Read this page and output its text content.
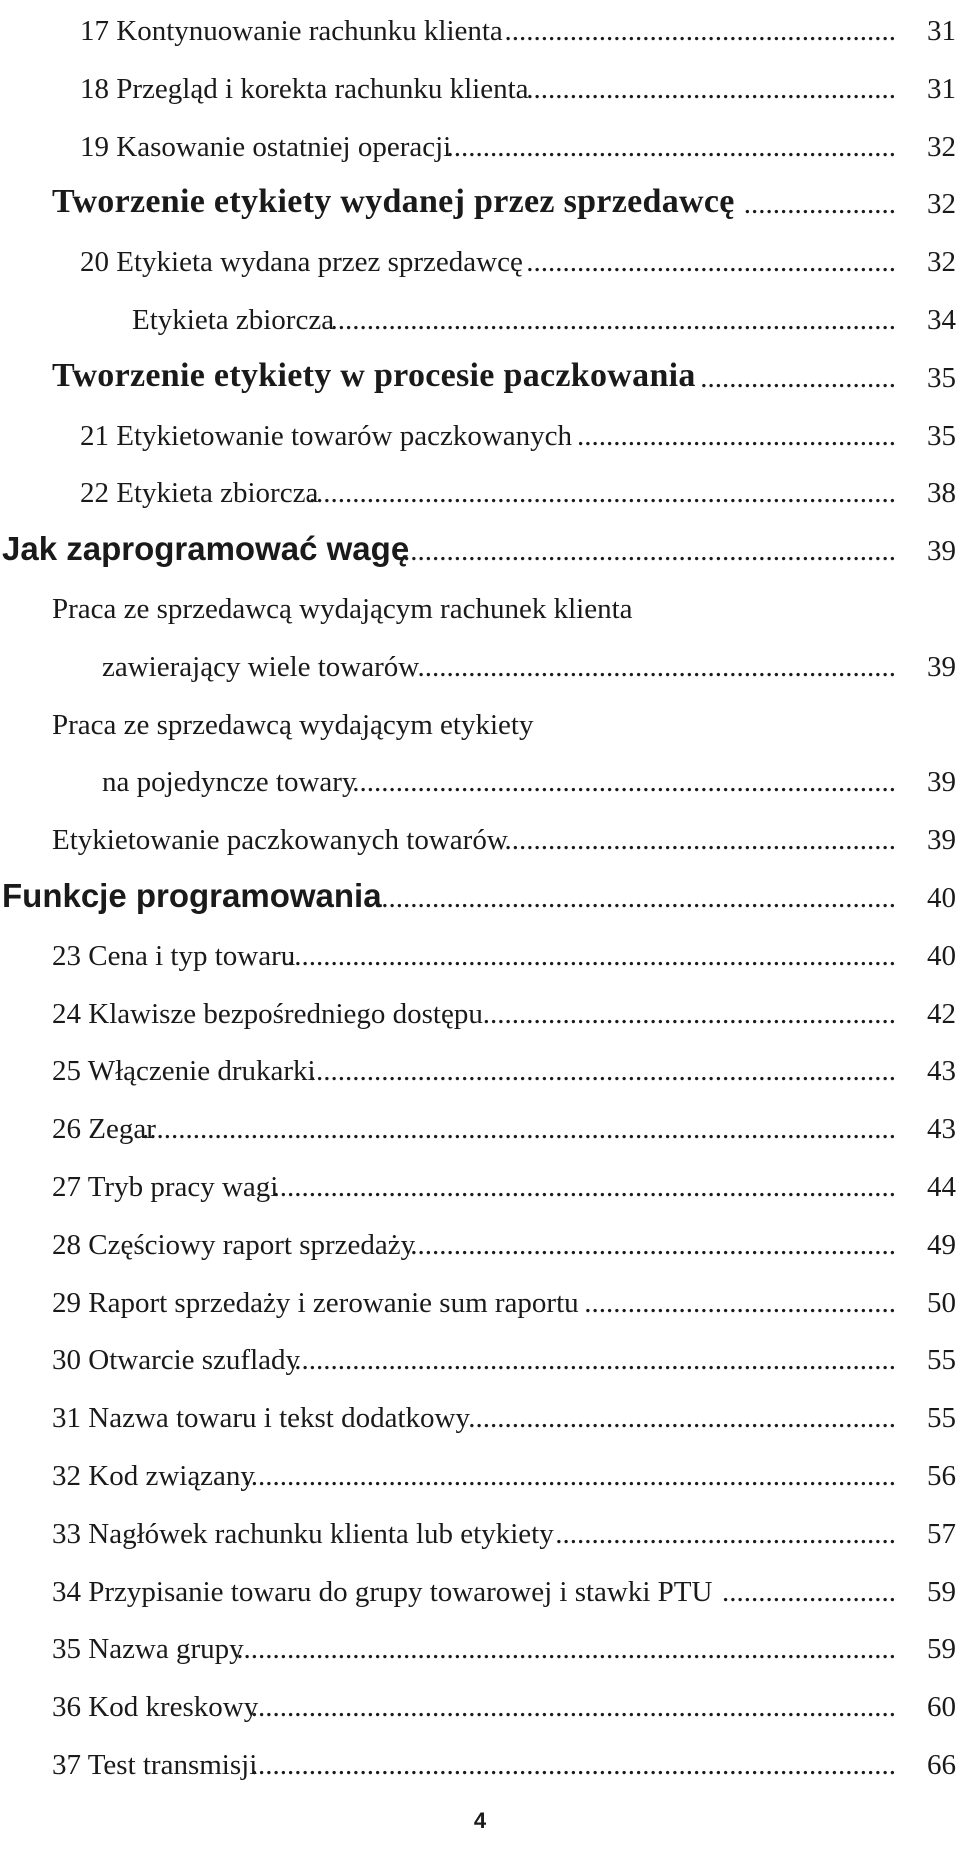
17 Kontynuowanie rachunku klienta ...................................................... 31
18 Przegląd i korekta rachunku klienta
................................................... 31
19 Kasowanie ostatniej operacji
.............................................................. 32
Tworzenie etykiety wydanej przez sprzedawcę ..................... 32
20 Etykieta wydana przez sprzedawcę ................................................... 32
Etykieta zbiorcza
.............................................................................. 34
Tworzenie etykiety w procesie paczkowania ........................... 35
21 Etykietowanie towarów paczkowanych ............................................ 35
22 Etykieta zbiorcza
................................................................................. 38
Jak zaprogramować wagę
.................................................................... 39
Praca ze sprzedawcą wydającym rachunek klienta
zawierający wiele towarów
.................................................................. 39
Praca ze sprzedawcą wydającym etykiety
na pojedyncze towary
........................................................................... 39
Etykietowanie paczkowanych towarów
...................................................... 39
Funkcje programowania
........................................................................ 40
23 Cena i typ towaru
.................................................................................... 40
24 Klawisze bezpośredniego dostępu ......................................................... 42
25 Włączenie drukarki
................................................................................. 43
26 Zegar
........................................................................................................ 43
27 Tryb pracy wagi
...................................................................................... 44
28 Częściowy raport sprzedaży
................................................................... 49
29 Raport sprzedaży i zerowanie sum raportu ........................................... 50
30 Otwarcie szuflady
................................................................................... 55
31 Nazwa towaru i tekst dodatkowy
........................................................... 55
32 Kod związany
.......................................................................................... 56
33 Nagłówek rachunku klienta lub etykiety ............................................... 57
34 Przypisanie towaru do grupy towarowej i stawki PTU ........................ 59
35 Nazwa grupy
........................................................................................... 59
36 Kod kreskowy
......................................................................................... 60
37 Test transmisji
......................................................................................... 66
4
